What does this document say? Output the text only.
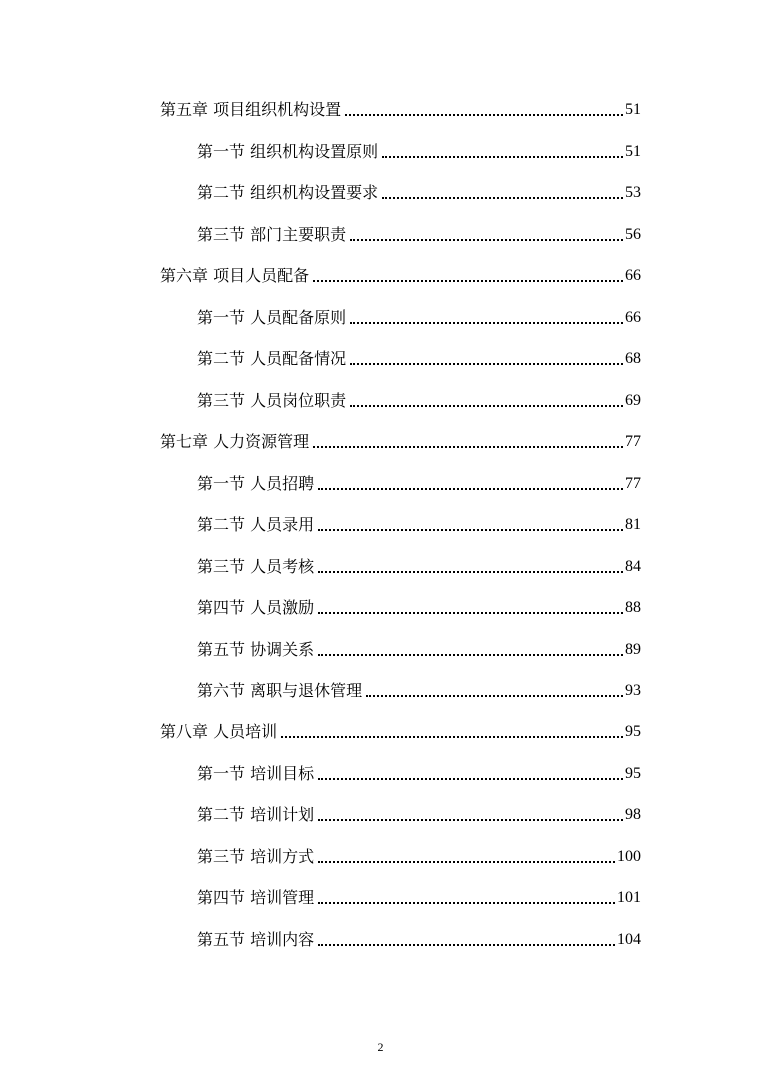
第五章 项目组织机构设置	51
第一节 组织机构设置原则	51
第二节 组织机构设置要求	53
第三节 部门主要职责	56
第六章 项目人员配备	66
第一节 人员配备原则	66
第二节 人员配备情况	68
第三节 人员岗位职责	69
第七章 人力资源管理	77
第一节 人员招聘	77
第二节 人员录用	81
第三节 人员考核	84
第四节 人员激励	88
第五节 协调关系	89
第六节 离职与退休管理	93
第八章 人员培训	95
第一节 培训目标	95
第二节 培训计划	98
第三节 培训方式	100
第四节 培训管理	101
第五节 培训内容	104
2
